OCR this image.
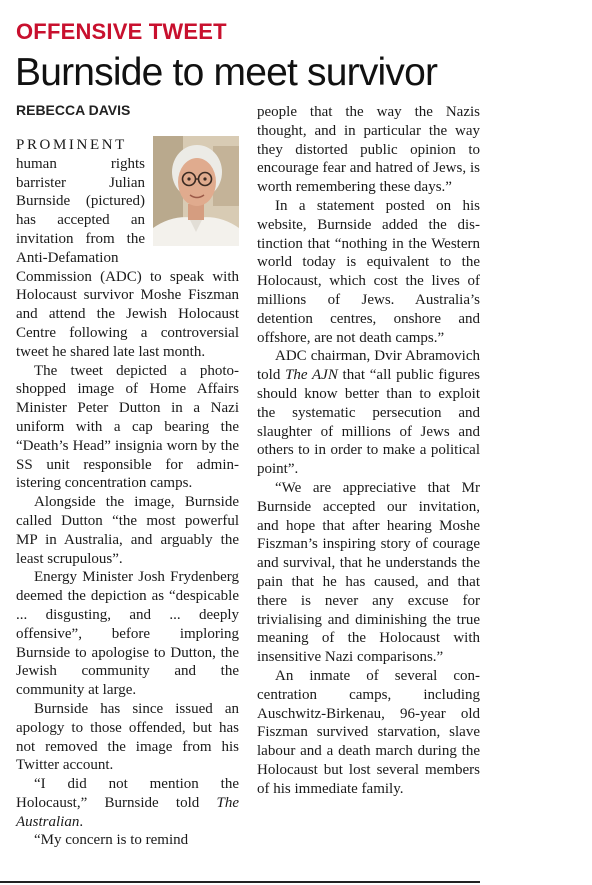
OFFENSIVE TWEET
Burnside to meet survivor
REBECCA DAVIS

PROMINENT human rights barrister Julian Burnside (pictured) has accepted an invitation from the Anti-Defamation Commission (ADC) to speak with Holocaust survivor Moshe Fiszman and attend the Jewish Holocaust Centre following a controversial tweet he shared late last month.

The tweet depicted a photoshopped image of Home Affairs Minister Peter Dutton in a Nazi uniform with a cap bearing the “Death’s Head” insignia worn by the SS unit responsible for administering concentration camps.

Alongside the image, Burnside called Dutton “the most powerful MP in Australia, and arguably the least scrupulous”.

Energy Minister Josh Frydenberg deemed the depiction as “despicable ... disgusting, and ... deeply offensive”, before imploring Burnside to apologise to Dutton, the Jewish community and the community at large.

Burnside has since issued an apology to those offended, but has not removed the image from his Twitter account.

“I did not mention the Holocaust,” Burnside told The Australian.

“My concern is to remind

people that the way the Nazis thought, and in particular the way they distorted public opinion to encourage fear and hatred of Jews, is worth remembering these days.”

In a statement posted on his website, Burnside added the distinction that “nothing in the Western world today is equivalent to the Holocaust, which cost the lives of millions of Jews. Australia’s detention centres, onshore and offshore, are not death camps.”

ADC chairman, Dvir Abramovich told The AJN that “all public figures should know better than to exploit the systematic persecution and slaughter of millions of Jews and others to in order to make a political point”.

“We are appreciative that Mr Burnside accepted our invitation, and hope that after hearing Moshe Fiszman’s inspiring story of courage and survival, that he understands the pain that he has caused, and that there is never any excuse for trivialising and diminishing the true meaning of the Holocaust with insensitive Nazi comparisons.”

An inmate of several concentration camps, including Auschwitz-Birkenau, 96-year old Fiszman survived starvation, slave labour and a death march during the Holocaust but lost several members of his immediate family.
